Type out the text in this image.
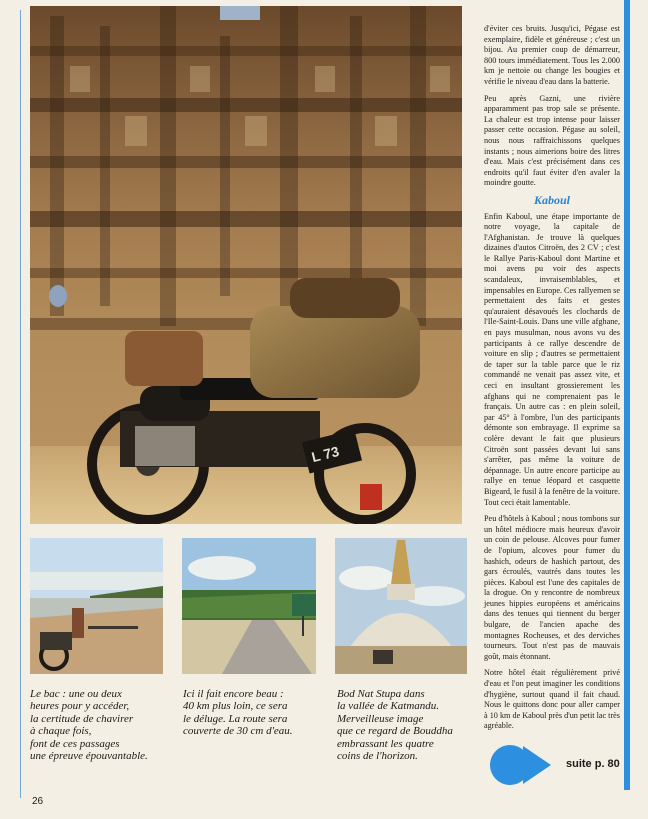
L 73
Le bac : une ou deux
heures pour y accéder,
la certitude de chavirer
à chaque fois,
font de ces passages
une épreuve épouvantable.
Ici il fait encore beau :
40 km plus loin, ce sera
le déluge. La route sera
couverte de 30 cm d'eau.
Bod Nat Stupa dans
la vallée de Katmandu.
Merveilleuse image
que ce regard de Bouddha
embrassant les quatre
coins de l'horizon.

d'éviter ces bruits. Jusqu'ici, Pégase est exemplaire, fidèle et généreuse ; c'est un bijou. Au premier coup de démarreur, 800 tours immédiatement. Tous les 2.000 km je nettoie ou change les bougies et vérifie le niveau d'eau dans la batterie.

Peu après Gazni, une rivière apparamment pas trop sale se présente. La chaleur est trop intense pour laisser passer cette occasion. Pégase au soleil, nous nous raffraichissons quelques instants ; nous aimerions boire des litres d'eau. Mais c'est précisément dans ces endroits qu'il faut éviter d'en avaler la moindre goutte.

Kaboul

Enfin Kaboul, une étape importante de notre voyage, la capitale de l'Afghanistan. Je trouve là quelques dizaines d'autos Citroën, des 2 CV ; c'est le Rallye Paris-Kaboul dont Martine et moi avens pu voir des aspects scandaleux, invraisemblables, et impensables en Europe. Ces rallyemen se permettaient des faits et gestes qu'auraient désavoués les clochards de l'Ile-Saint-Louis. Dans une ville afghane, en pays musulman, nous avons vu des participants à ce rallye descendre de voiture en slip ; d'autres se permettaient de taper sur la table parce que le riz commandé ne venait pas assez vite, et ceci en insultant grossierement les afghans qui ne comprenaient pas le français. Un autre cas : en plein soleil, par 45° à l'ombre, l'un des participants démonte son embrayage. Il exprime sa colère devant le fait que plusieurs Citroën sont passées devant lui sans s'arrêter, pas même la voiture de dépannage. Un autre encore participe au rallye en tenue léopard et casquette Bigeard, le fusil à la fenêtre de la voiture. Tout ceci était lamentable.

Peu d'hôtels à Kaboul ; nous tombons sur un hôtel médiocre mais heureux d'avoir un coin de pelouse. Alcoves pour fumer de l'opium, alcoves pour fumer du hashich, odeurs de hashich partout, des gars écroulés, vautrés dans toutes les pièces. Kaboul est l'une des capitales de la drogue. On y rencontre de nombreux jeunes hippies européens et américains dans des tenues qui tiennent du berger bulgare, de l'ancien apache des montagnes Rocheuses, et des derviches tourneurs. Tout n'est pas de mauvais goût, mais étonnant.

Notre hôtel était régulièrement privé d'eau et l'on peut imaginer les conditions d'hygiène, surtout quand il fait chaud. Nous le quittons donc pour aller camper à 10 km de Kaboul près d'un petit lac très agréable.

26
suite p. 80
